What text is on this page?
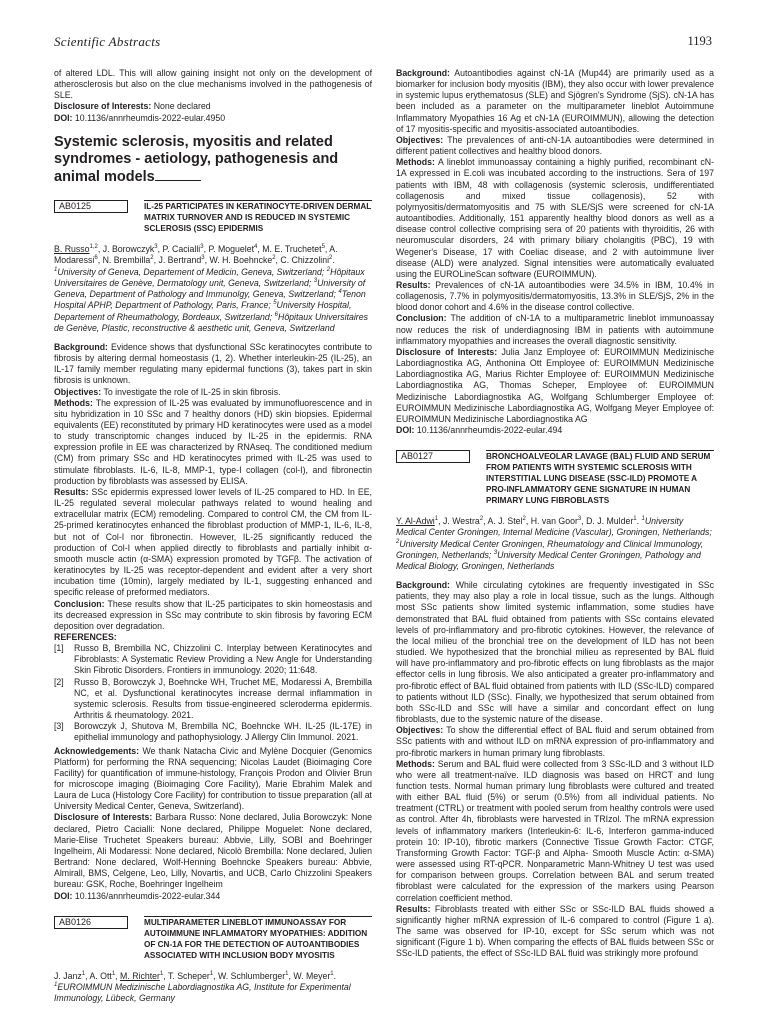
Scientific Abstracts	1193

of altered LDL. This will allow gaining insight not only on the development of atherosclerosis but also on the clue mechanisms involved in the pathogenesis of SLE.

Disclosure of Interests: None declared

DOI: 10.1136/annrheumdis-2022-eular.4950

Systemic sclerosis, myositis and related syndromes - aetiology, pathogenesis and animal models
AB0125	IL-25 PARTICIPATES IN KERATINOCYTE-DRIVEN DERMAL MATRIX TURNOVER AND IS REDUCED IN SYSTEMIC SCLEROSIS (SSC) EPIDERMIS
B. Russo$^{1,2}$, J. Borowczyk$^3$, P. Cacialli$^3$, P. Moguelet$^4$, M. E. Truchetet$^5$, A. Modaressi$^6$, N. Brembilla$^2$, J. Bertrand$^3$, W. H. Boehncke$^2$, C. Chizzolini$^2$. $^1$University of Geneva, Departement of Medicin, Geneva, Switzerland; $^2$Hôpitaux Universitaires de Genève, Dermatology unit, Geneva, Switzerland; $^3$University of Geneva, Department of Pathology and Immunolgy, Geneva, Switzerland; $^4$Tenon Hospital APHP, Department of Pathology, Paris, France; $^5$University Hospital, Departement of Rheumathology, Bordeaux, Switzerland; $^6$Hôpitaux Universitaires de Genève, Plastic, reconstructive & aesthetic unit, Geneva, Switzerland

Background: Evidence shows that dysfunctional SSc keratinocytes contribute to fibrosis by altering dermal homeostasis (1, 2). Whether interleukin-25 (IL-25), an IL-17 family member regulating many epidermal functions (3), takes part in skin fibrosis is unknown.
Objectives: To investigate the role of IL-25 in skin fibrosis.
Methods: The expression of IL-25 was evaluated by immunofluorescence and in situ hybridization in 10 SSc and 7 healthy donors (HD) skin biopsies. Epidermal equivalents (EE) reconstituted by primary HD keratinocytes were used as a model to study transcriptomic changes induced by IL-25 in the epidermis. RNA expression profile in EE was characterized by RNAseq. The conditioned medium (CM) from primary SSc and HD keratinocytes primed with IL-25 was used to stimulate fibroblasts. IL-6, IL-8, MMP-1, type-I collagen (col-I), and fibronectin production by fibroblasts was assessed by ELISA.
Results: SSc epidermis expressed lower levels of IL-25 compared to HD. In EE, IL-25 regulated several molecular pathways related to wound healing and extracellular matrix (ECM) remodeling. Compared to control CM, the CM from IL-25-primed keratinocytes enhanced the fibroblast production of MMP-1, IL-6, IL-8, but not of Col-I nor fibronectin. However, IL-25 significantly reduced the production of Col-I when applied directly to fibroblasts and partially inhibit α-smooth muscle actin (α-SMA) expression promoted by TGFβ. The activation of keratinocytes by IL-25 was receptor-dependent and evident after a very short incubation time (10min), largely mediated by IL-1, suggesting enhanced and specific release of preformed mediators.
Conclusion: These results show that IL-25 participates to skin homeostasis and its decreased expression in SSc may contribute to skin fibrosis by favoring ECM deposition over degradation.
REFERENCES:

[1]	Russo B, Brembilla NC, Chizzolini C. Interplay between Keratinocytes and Fibroblasts: A Systematic Review Providing a New Angle for Understanding Skin Fibrotic Disorders. Frontiers in immunology. 2020; 11:648.
[2]	Russo B, Borowczyk J, Boehncke WH, Truchet ME, Modaressi A, Brembilla NC, et al. Dysfunctional keratinocytes increase dermal inflammation in systemic sclerosis. Results from tissue-engineered scleroderma epidermis. Arthritis & rheumatology. 2021.
[3]	Borowczyk J, Shutova M, Brembilla NC, Boehncke WH. IL-25 (IL-17E) in epithelial immunology and pathophysiology. J Allergy Clin Immunol. 2021.

Acknowledgements: We thank Natacha Civic and Mylène Docquier (Genomics Platform) for performing the RNA sequencing; Nicolas Laudet (Bioimaging Core Facility) for quantification of immune-histology, François Prodon and Olivier Brun for microscope imaging (Bioimaging Core Facility), Marie Ebrahim Malek and Laura de Luca (Histology Core Facility) for contribution to tissue preparation (all at University Medical Center, Geneva, Switzerland).
Disclosure of Interests: Barbara Russo: None declared, Julia Borowczyk: None declared, Pietro Cacialli: None declared, Philippe Moguelet: None declared, Marie-Elise Truchetet Speakers bureau: Abbvie, Lilly, SOBI and Boehringer Ingelheim, Ali Modaressi: None declared, Nicolò Brembilla: None declared, Julien Bertrand: None declared, Wolf-Henning Boehncke Speakers bureau: Abbvie, Almirall, BMS, Celgene, Leo, Lilly, Novartis, and UCB, Carlo Chizzolini Speakers bureau: GSK, Roche, Boehringer Ingelheim
DOI: 10.1136/annrheumdis-2022-eular.344

AB0126	MULTIPARAMETER LINEBLOT IMMUNOASSAY FOR AUTOIMMUNE INFLAMMATORY MYOPATHIES: ADDITION OF CN-1A FOR THE DETECTION OF AUTOANTIBODIES ASSOCIATED WITH INCLUSION BODY MYOSITIS
J. Janz$^1$, A. Ott$^1$, M. Richter$^1$, T. Scheper$^1$, W. Schlumberger$^1$, W. Meyer$^1$. $^1$EUROIMMUN Medizinische Labordiagnostika AG, Institute for Experimental Immunology, Lübeck, Germany

Background: Autoantibodies against cN-1A (Mup44) are primarily used as a biomarker for inclusion body myositis (IBM), they also occur with lower prevalence in systemic lupus erythematosus (SLE) and Sjögren's Syndrome (SjS). cN-1A has been included as a parameter on the multiparameter lineblot Autoimmune Inflammatory Myopathies 16 Ag et cN-1A (EUROIMMUN), allowing the detection of 17 myositis-specific and myositis-associated autoantibodies.
Objectives: The prevalences of anti-cN-1A autoantibodies were determined in different patient collectives and healthy blood donors.
Methods: A lineblot immunoassay containing a highly purified, recombinant cN-1A expressed in E.coli was incubated according to the instructions. Sera of 197 patients with IBM, 48 with collagenosis (systemic sclerosis, undifferentiated collagenosis and mixed tissue collagenosis), 52 with polymyositis/dermatomyositis and 75 with SLE/SjS were screened for cN-1A autoantibodies. Additionally, 151 apparently healthy blood donors as well as a disease control collective comprising sera of 20 patients with thyroiditis, 26 with neuromuscular disorders, 24 with primary biliary cholangitis (PBC), 19 with Wegener's Disease, 17 with Coeliac disease, and 2 with autoimmune liver disease (ALD) were analyzed. Signal intensities were automatically evaluated using the EUROLineScan software (EUROIMMUN).
Results: Prevalences of cN-1A autoantibodies were 34.5% in IBM, 10.4% in collagenosis, 7.7% in polymyositis/dermatomyositis, 13.3% in SLE/SjS, 2% in the blood donor cohort and 4.6% in the disease control collective.
Conclusion: The addition of cN-1A to a multiparametric lineblot immunoassay now reduces the risk of underdiagnosing IBM in patients with autoimmune inflammatory myopathies and increases the overall diagnostic sensitivity.
Disclosure of Interests: Julia Janz Employee of: EUROIMMUN Medizinische Labordiagnostika AG, Anthonina Ott Employee of: EUROIMMUN Medizinische Labordiagnostika AG, Marius Richter Employee of: EUROIMMUN Medizinische Labordiagnostika AG, Thomas Scheper, Employee of: EUROIMMUN Medizinische Labordiagnostika AG, Wolfgang Schlumberger Employee of: EUROIMMUN Medizinische Labordiagnostika AG, Wolfgang Meyer Employee of: EUROIMMUN Medizinische Labordiagnostika AG
DOI: 10.1136/annrheumdis-2022-eular.494

AB0127	BRONCHOALVEOLAR LAVAGE (BAL) FLUID AND SERUM FROM PATIENTS WITH SYSTEMIC SCLEROSIS WITH INTERSTITIAL LUNG DISEASE (SSC-ILD) PROMOTE A PRO-INFLAMMATORY GENE SIGNATURE IN HUMAN PRIMARY LUNG FIBROBLASTS
Y. Al-Adwi$^1$, J. Westra$^2$, A. J. Stel$^2$, H. van Goor$^3$, D. J. Mulder$^1$. $^1$University Medical Center Groningen, Internal Medicine (Vascular), Groningen, Netherlands; $^2$University Medical Center Groningen, Rheumatology and Clinical Immunology, Groningen, Netherlands; $^3$University Medical Center Groningen, Pathology and Medical Biology, Groningen, Netherlands

Background: While circulating cytokines are frequently investigated in SSc patients, they may also play a role in local tissue, such as the lungs. Although most SSc patients show limited systemic inflammation, some studies have demonstrated that BAL fluid obtained from patients with SSc contains elevated levels of pro-inflammatory and pro-fibrotic cytokines. However, the relevance of the local milieu of the bronchial tree on the development of ILD has not been studied. We hypothesized that the bronchial milieu as represented by BAL fluid will have pro-inflammatory and pro-fibrotic effects on lung fibroblasts as the major effector cells in lung fibrosis. We also anticipated a greater pro-inflammatory and pro-fibrotic effect of BAL fluid obtained from patients with ILD (SSc-ILD) compared to patients without ILD (SSc). Finally, we hypothesized that serum obtained from both SSc-ILD and SSc will have a similar and concordant effect on lung fibroblasts, due to the systemic nature of the disease.
Objectives: To show the differential effect of BAL fluid and serum obtained from SSc patients with and without ILD on mRNA expression of pro-inflammatory and pro-fibrotic markers in human primary lung fibroblasts.
Methods: Serum and BAL fluid were collected from 3 SSc-ILD and 3 without ILD who were all treatment-naïve. ILD diagnosis was based on HRCT and lung function tests. Normal human primary lung fibroblasts were cultured and treated with either BAL fluid (5%) or serum (0.5%) from all individual patients. No treatment (CTRL) or treatment with pooled serum from healthy controls were used as control. After 4h, fibroblasts were harvested in TRIzol. The mRNA expression levels of inflammatory markers (Interleukin-6: IL-6, Interferon gamma-induced protein 10: IP-10), fibrotic markers (Connective Tissue Growth Factor: CTGF, Transforming Growth Factor: TGF-β and Alpha- Smooth Muscle Actin: α-SMA) were assessed using RT-qPCR. Nonparametric Mann-Whitney U test was used for comparison between groups. Correlation between BAL and serum treated fibroblast were calculated for the expression of the markers using Pearson correlation coefficient method.
Results: Fibroblasts treated with either SSc or SSc-ILD BAL fluids showed a significantly higher mRNA expression of IL-6 compared to control (Figure 1 a). The same was observed for IP-10, except for SSc serum which was not significant (Figure 1 b). When comparing the effects of BAL fluids between SSc or SSc-ILD patients, the effect of SSc-ILD BAL fluid was strikingly more profound
